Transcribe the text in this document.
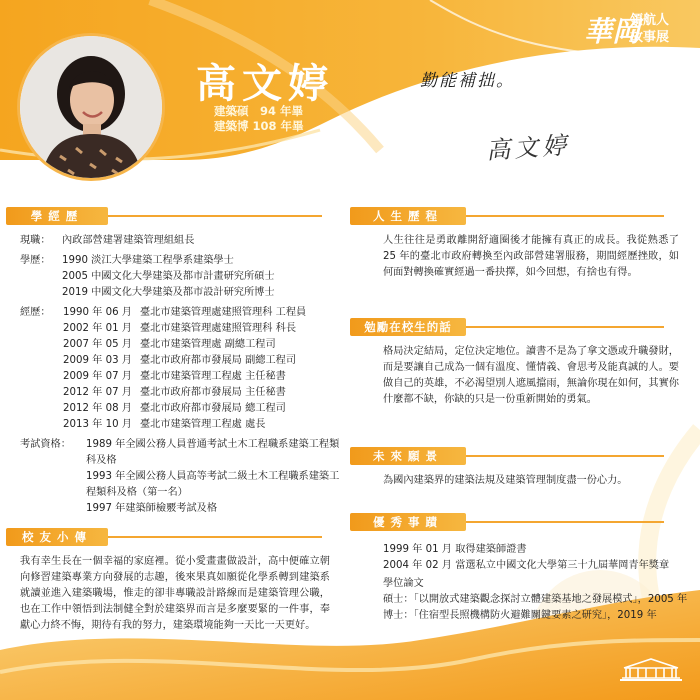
高文婷
建築碩　94 年畢
建築博 108 年畢
勤能補拙。
高文婷
華岡
領航人
故事展
學經歷
現職：	內政部營建署建築管理組組長
學歷：	1990 淡江大學建築工程學系建築學士
2005 中國文化大學建築及都市計畫研究所碩士
2019 中國文化大學建築及都市設計研究所博士
經歷：	1990 年 06 月 臺北市建築管理處建照管理科 工程員
2002 年 01 月 臺北市建築管理處建照管理科 科長
2007 年 05 月 臺北市建築管理處 副總工程司
2009 年 03 月 臺北市政府都市發展局 副總工程司
2009 年 07 月 臺北市建築管理工程處 主任秘書
2012 年 07 月 臺北市政府都市發展局 主任秘書
2012 年 08 月 臺北市政府都市發展局 總工程司
2013 年 10 月 臺北市建築管理工程處 處長
考試資格：	1989 年全國公務人員普通考試土木工程職系建築工程類科及格
1993 年全國公務人員高等考試二級土木工程職系建築工程類科及格（第一名）
1997 年建築師檢覈考試及格
校友小傳
我有幸生長在一個幸福的家庭裡。從小愛畫畫做設計，高中便確立朝向修習建築專業方向發展的志趣，後來果真如願從化學系轉到建築系就讀並進入建築職場，惟走的卻非專職設計路線而是建築管理公職，也在工作中領悟到法制健全對於建築界而言是多麼要緊的一件事，奉獻心力終不悔，期待有我的努力，建築環境能夠一天比一天更好。
人生歷程
人生往往是勇敢離開舒適圈後才能擁有真正的成長。我從熟悉了 25 年的臺北市政府轉換至內政部營建署服務，期間經歷挫敗，如何面對轉換確實經過一番抉擇，如今回想，有捨也有得。
勉勵在校生的話
格局決定結局，定位決定地位。讀書不是為了拿文憑或升職發財，而是要讓自己成為一個有溫度、懂情義、會思考及能真誠的人。要做自己的英雄，不必渴望別人遮風擋雨，無論你現在如何，其實你什麼都不缺，你缺的只是一份重新開始的勇氣。
未來願景
為國內建築界的建築法規及建築管理制度盡一份心力。
優秀事蹟
1999 年 01 月 取得建築師證書
2004 年 02 月 當選私立中國文化大學第三十九屆華岡青年獎章
學位論文
碩士：「以開放式建築觀念探討立體建築基地之發展模式」，2005 年
博士：「住宿型長照機構防火避難關鍵要素之研究」，2019 年
